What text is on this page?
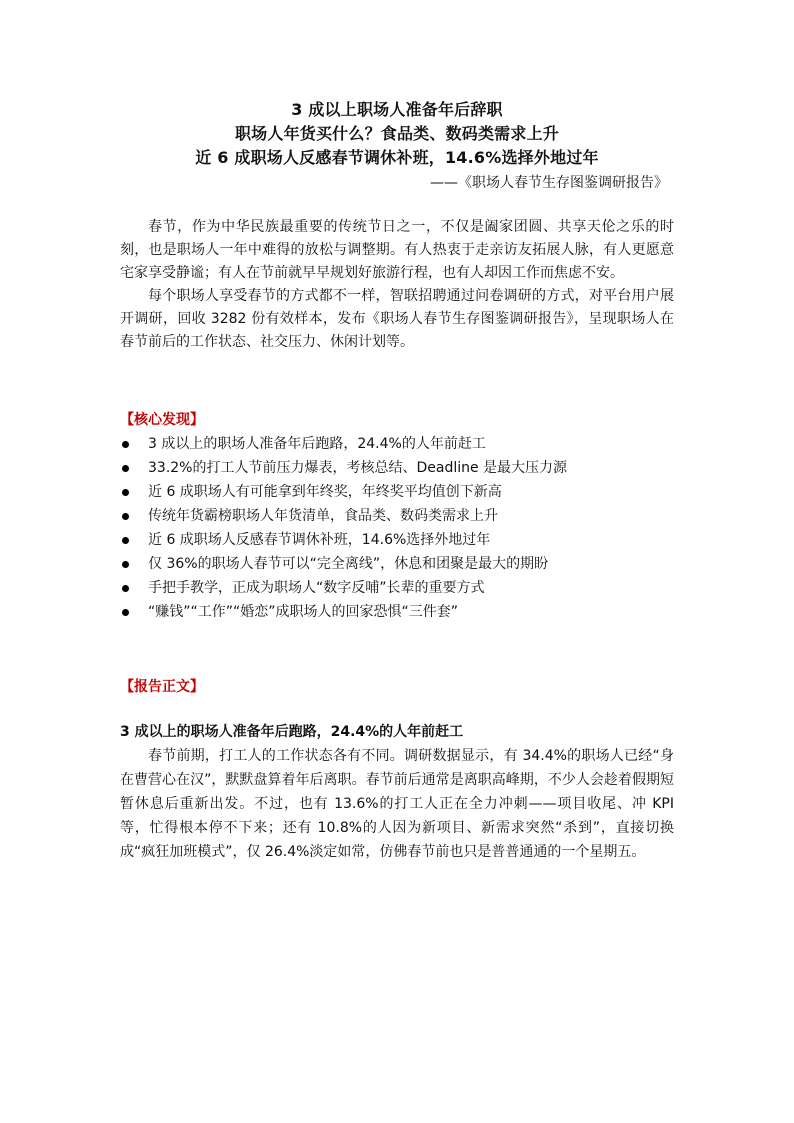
3 成以上职场人准备年后辞职
职场人年货买什么？食品类、数码类需求上升
近 6 成职场人反感春节调休补班，14.6%选择外地过年
——《职场人春节生存图鉴调研报告》

春节，作为中华民族最重要的传统节日之一，不仅是阖家团圆、共享天伦之乐的时刻，也是职场人一年中难得的放松与调整期。有人热衷于走亲访友拓展人脉，有人更愿意宅家享受静谧；有人在节前就早早规划好旅游行程，也有人却因工作而焦虑不安。

每个职场人享受春节的方式都不一样，智联招聘通过问卷调研的方式，对平台用户展开调研，回收 3282 份有效样本，发布《职场人春节生存图鉴调研报告》，呈现职场人在春节前后的工作状态、社交压力、休闲计划等。

【核心发现】
3 成以上的职场人准备年后跑路，24.4%的人年前赶工
33.2%的打工人节前压力爆表，考核总结、Deadline 是最大压力源
近 6 成职场人有可能拿到年终奖，年终奖平均值创下新高
传统年货霸榜职场人年货清单，食品类、数码类需求上升
近 6 成职场人反感春节调休补班，14.6%选择外地过年
仅 36%的职场人春节可以“完全离线”，休息和团聚是最大的期盼
手把手教学，正成为职场人“数字反哺”长辈的重要方式
“赚钱”“工作”“婚恋”成职场人的回家恐惧“三件套”
【报告正文】
3 成以上的职场人准备年后跑路，24.4%的人年前赶工

春节前期，打工人的工作状态各有不同。调研数据显示，有 34.4%的职场人已经“身在曹营心在汉”，默默盘算着年后离职。春节前后通常是离职高峰期，不少人会趁着假期短暂休息后重新出发。不过，也有 13.6%的打工人正在全力冲刺——项目收尾、冲 KPI 等，忙得根本停不下来；还有 10.8%的人因为新项目、新需求突然“杀到”，直接切换成“疯狂加班模式”，仅 26.4%淡定如常，仿佛春节前也只是普普通通的一个星期五。
